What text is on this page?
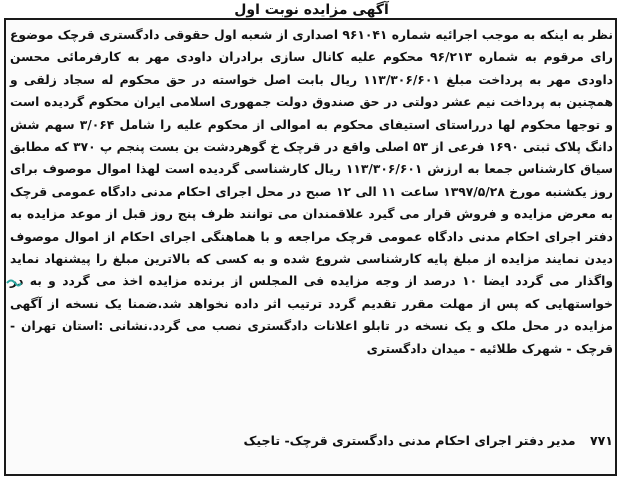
آگهی مزایده نوبت اول
نظر به اینکه به موجب اجرائیه شماره ۹۶۱۰۴۱ اصداری از شعبه اول حقوقی دادگستری قرچک موضوع رای مرقوم به شماره ۹۶/۲۱۳ محکوم علیه کانال سازی برادران داودی مهر به کارفرمائی محسن داودی مهر به پرداخت مبلغ ۱۱۳/۳۰۶/۶۰۱ ریال بابت اصل خواسته در حق محکوم له سجاد زلقی و همچنین به پرداخت نیم عشر دولتی در حق صندوق دولت جمهوری اسلامی ایران محکوم گردیده است و توجها محکوم لها درراستای استیفای محکوم به اموالی از محکوم علیه را شامل ۳/۰۶۴ سهم شش دانگ پلاک ثبتی ۱۶۹۰ فرعی از ۵۳ اصلی واقع در قرچک خ گوهردشت بن بست پنجم پ ۳۷۰ که مطابق سیاق کارشناس جمعا به ارزش ۱۱۳/۳۰۶/۶۰۱ ریال کارشناسی گردیده است لهذا اموال موصوف برای روز یکشنبه مورخ ۱۳۹۷/۵/۲۸ ساعت ۱۱ الی ۱۲ صبح در محل اجرای احکام مدنی دادگاه عمومی قرچک به معرض مزایده و فروش قرار می گیرد علاقمندان می توانند ظرف پنج روز قبل از موعد مزایده به دفتر اجرای احکام مدنی دادگاه عمومی قرچک مراجعه و با هماهنگی اجرای احکام از اموال موصوف دیدن نمایند مزایده از مبلغ پایه کارشناسی شروع شده و به کسی که بالاترین مبلغ را پیشنهاد نماید واگذار می گردد ایضا ۱۰ درصد از وجه مزایده فی المجلس از برنده مزایده اخذ می گردد و به در خواستهایی که پس از مهلت مقرر تقدیم گردد ترتیب اثر داده نخواهد شد.ضمنا یک نسخه از آگهی مزایده در محل ملک و یک نسخه در تابلو اعلانات دادگستری نصب می گردد.نشانی :استان تهران - قرچک - شهرک طلائیه - میدان دادگستری
۷۷۱ مدیر دفتر اجرای احکام مدنی دادگستری قرچک- تاجیک
